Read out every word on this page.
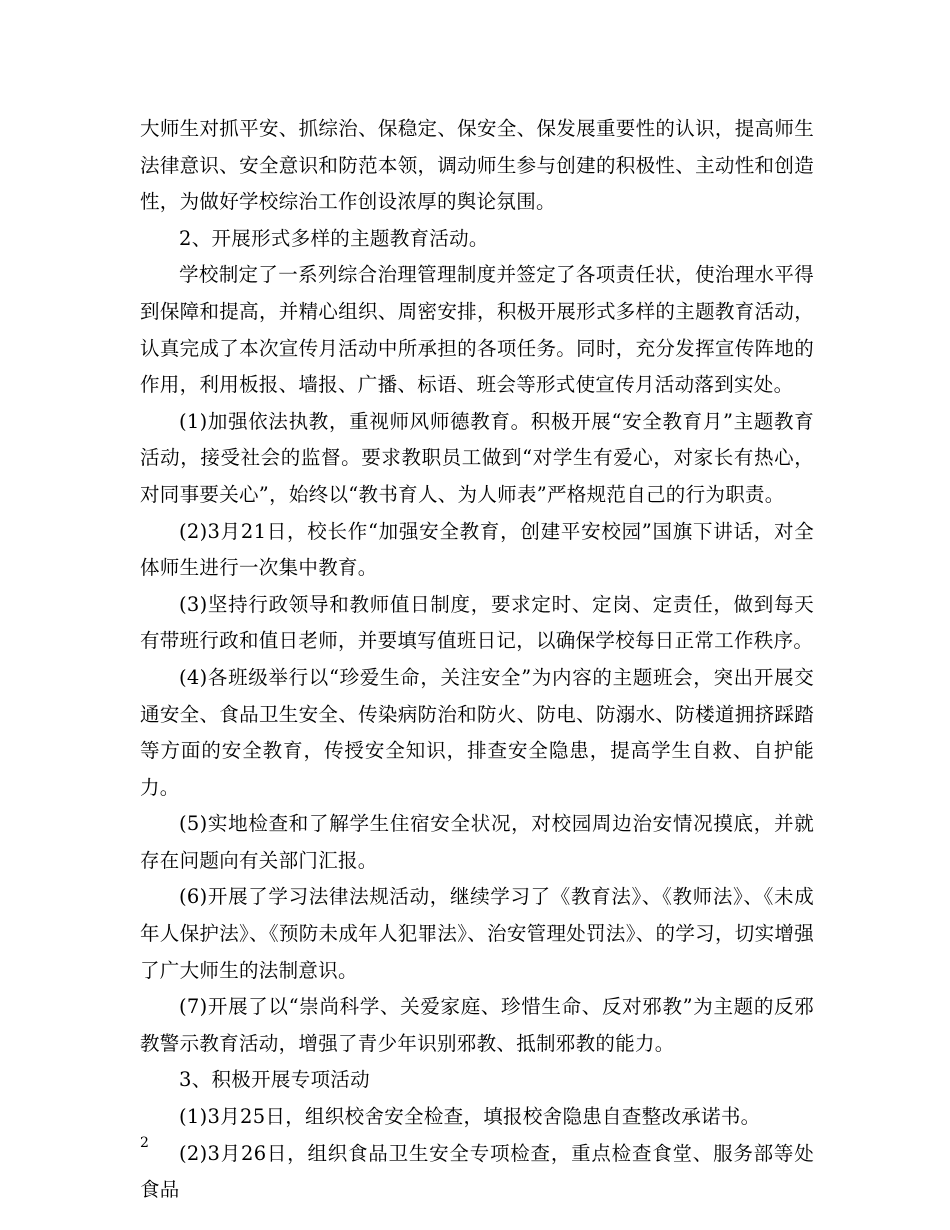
大师生对抓平安、抓综治、保稳定、保安全、保发展重要性的认识，提高师生法律意识、安全意识和防范本领，调动师生参与创建的积极性、主动性和创造性，为做好学校综治工作创设浓厚的舆论氛围。

2、开展形式多样的主题教育活动。

学校制定了一系列综合治理管理制度并签定了各项责任状，使治理水平得到保障和提高，并精心组织、周密安排，积极开展形式多样的主题教育活动，认真完成了本次宣传月活动中所承担的各项任务。同时，充分发挥宣传阵地的作用，利用板报、墙报、广播、标语、班会等形式使宣传月活动落到实处。

(1)加强依法执教，重视师风师德教育。积极开展“安全教育月”主题教育活动，接受社会的监督。要求教职员工做到“对学生有爱心，对家长有热心，对同事要关心”，始终以“教书育人、为人师表”严格规范自己的行为职责。

(2)3月21日，校长作“加强安全教育，创建平安校园”国旗下讲话，对全体师生进行一次集中教育。

(3)坚持行政领导和教师值日制度，要求定时、定岗、定责任，做到每天有带班行政和值日老师，并要填写值班日记，以确保学校每日正常工作秩序。

(4)各班级举行以“珍爱生命，关注安全”为内容的主题班会，突出开展交通安全、食品卫生安全、传染病防治和防火、防电、防溺水、防楼道拥挤踩踏等方面的安全教育，传授安全知识，排查安全隐患，提高学生自救、自护能力。

(5)实地检查和了解学生住宿安全状况，对校园周边治安情况摸底，并就存在问题向有关部门汇报。

(6)开展了学习法律法规活动，继续学习了《教育法》、《教师法》、《未成年人保护法》、《预防未成年人犯罪法》、治安管理处罚法》、的学习，切实增强了广大师生的法制意识。

(7)开展了以“崇尚科学、关爱家庭、珍惜生命、反对邪教”为主题的反邪教警示教育活动，增强了青少年识别邪教、抵制邪教的能力。

3、积极开展专项活动

(1)3月25日，组织校舍安全检查，填报校舍隐患自查整改承诺书。

(2)3月26日，组织食品卫生安全专项检查，重点检查食堂、服务部等处食品

2
